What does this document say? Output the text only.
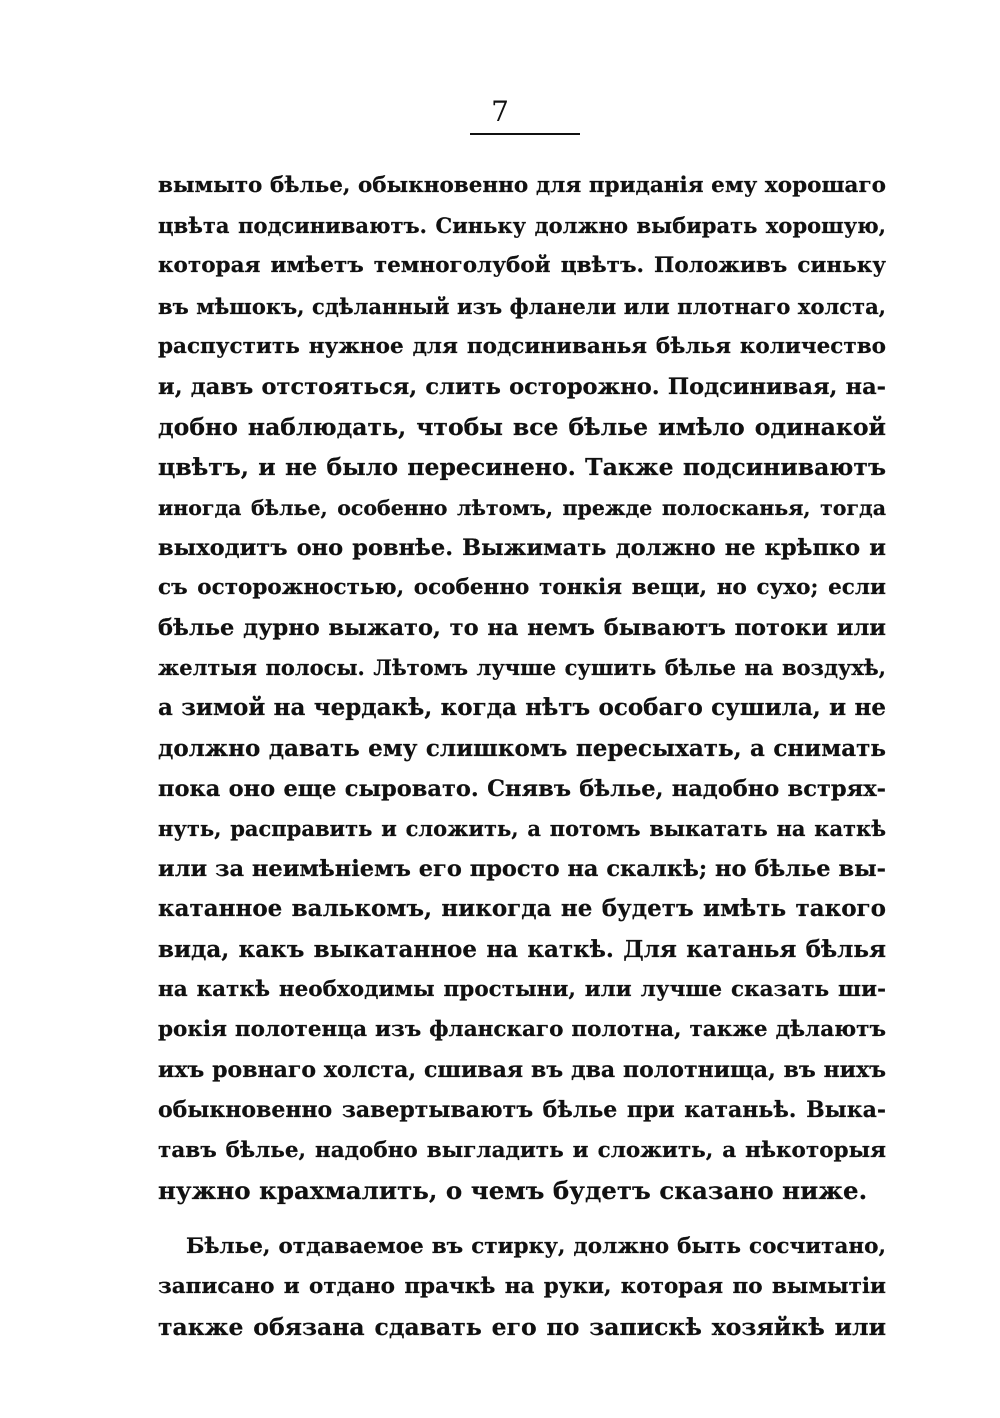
7
вымыто бѣлье, обыкновенно для приданія ему хорошаго
цвѣта подсиниваютъ. Синьку должно выбирать хорошую,
которая имѣетъ темноголубой цвѣтъ. Положивъ синьку
въ мѣшокъ, сдѣланный изъ фланели или плотнаго холста,
распустить нужное для подсиниванья бѣлья количество
и, давъ отстояться, слить осторожно. Подсинивая, на-
добно наблюдать, чтобы все бѣлье имѣло одинакой
цвѣтъ, и не было пересинено. Также подсиниваютъ
иногда бѣлье, особенно лѣтомъ, прежде полосканья, тогда
выходитъ оно ровнѣе. Выжимать должно не крѣпко и
съ осторожностью, особенно тонкія вещи, но сухо; если
бѣлье дурно выжато, то на немъ бываютъ потоки или
желтыя полосы. Лѣтомъ лучше сушить бѣлье на воздухѣ,
а зимой на чердакѣ, когда нѣтъ особаго сушила, и не
должно давать ему слишкомъ пересыхать, а снимать
пока оно еще сыровато. Снявъ бѣлье, надобно встрях-
нуть, расправить и сложить, а потомъ выкатать на каткѣ
или за неимѣніемъ его просто на скалкѣ; но бѣлье вы-
катанное валькомъ, никогда не будетъ имѣть такого
вида, какъ выкатанное на каткѣ. Для катанья бѣлья
на каткѣ необходимы простыни, или лучше сказать ши-
рокія полотенца изъ фланскаго полотна, также дѣлаютъ
ихъ ровнаго холста, сшивая въ два полотнища, въ нихъ
обыкновенно завертываютъ бѣлье при катаньѣ. Выка-
тавъ бѣлье, надобно выгладить и сложить, а нѣкоторыя
нужно крахмалить, о чемъ будетъ сказано ниже.
Бѣлье, отдаваемое въ стирку, должно быть сосчитано,
записано и отдано прачкѣ на руки, которая по вымытіи
также обязана сдавать его по запискѣ хозяйкѣ или
